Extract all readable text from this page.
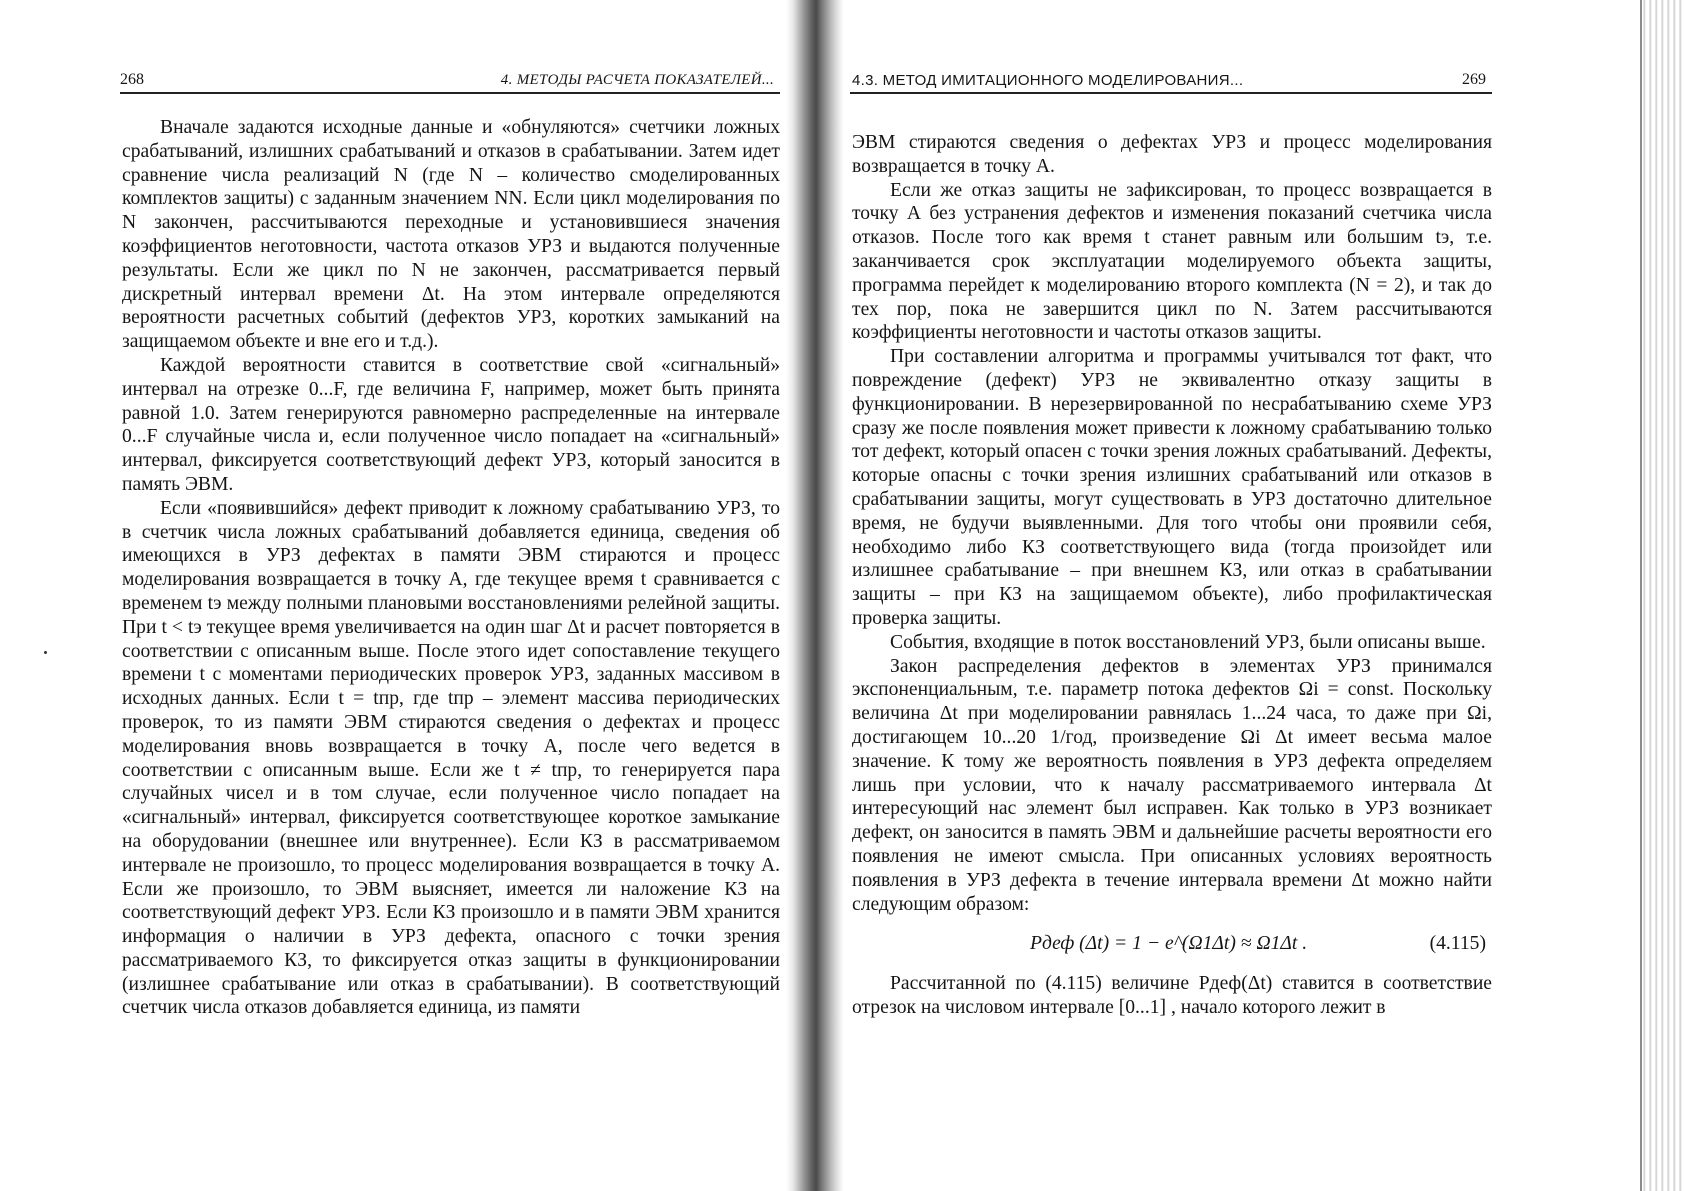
268	4. МЕТОДЫ РАСЧЕТА ПОКАЗАТЕЛЕЙ...

Вначале задаются исходные данные и «обнуляются» счетчики ложных срабатываний, излишних срабатываний и отказов в срабатывании. Затем идет сравнение числа реализаций N (где N – количество смоделированных комплектов защиты) с заданным значением NN. Если цикл моделирования по N закончен, рассчитываются переходные и установившиеся значения коэффициентов неготовности, частота отказов УРЗ и выдаются полученные результаты. Если же цикл по N не закончен, рассматривается первый дискретный интервал времени Δt. На этом интервале определяются вероятности расчетных событий (дефектов УРЗ, коротких замыканий на защищаемом объекте и вне его и т.д.).

Каждой вероятности ставится в соответствие свой «сигнальный» интервал на отрезке 0...F, где величина F, например, может быть принята равной 1.0. Затем генерируются равномерно распределенные на интервале 0...F случайные числа и, если полученное число попадает на «сигнальный» интервал, фиксируется соответствующий дефект УРЗ, который заносится в память ЭВМ.

Если «появившийся» дефект приводит к ложному срабатыванию УРЗ, то в счетчик числа ложных срабатываний добавляется единица, сведения об имеющихся в УРЗ дефектах в памяти ЭВМ стираются и процесс моделирования возвращается в точку А, где текущее время t сравнивается с временем tэ между полными плановыми восстановлениями релейной защиты. При t < tэ текущее время увеличивается на один шаг Δt и расчет повторяется в соответствии с описанным выше. После этого идет сопоставление текущего времени t с моментами периодических проверок УРЗ, заданных массивом в исходных данных. Если t = tпр, где tпр – элемент массива периодических проверок, то из памяти ЭВМ стираются сведения о дефектах и процесс моделирования вновь возвращается в точку А, после чего ведется в соответствии с описанным выше. Если же t ≠ tпр, то генерируется пара случайных чисел и в том случае, если полученное число попадает на «сигнальный» интервал, фиксируется соответствующее короткое замыкание на оборудовании (внешнее или внутреннее). Если КЗ в рассматриваемом интервале не произошло, то процесс моделирования возвращается в точку А. Если же произошло, то ЭВМ выясняет, имеется ли наложение КЗ на соответствующий дефект УРЗ. Если КЗ произошло и в памяти ЭВМ хранится информация о наличии в УРЗ дефекта, опасного с точки зрения рассматриваемого КЗ, то фиксируется отказ защиты в функционировании (излишнее срабатывание или отказ в срабатывании). В соответствующий счетчик числа отказов добавляется единица, из памяти

4.3. МЕТОД ИМИТАЦИОННОГО МОДЕЛИРОВАНИЯ...	269

ЭВМ стираются сведения о дефектах УРЗ и процесс моделирования возвращается в точку А.

Если же отказ защиты не зафиксирован, то процесс возвращается в точку А без устранения дефектов и изменения показаний счетчика числа отказов. После того как время t станет равным или большим tэ, т.е. заканчивается срок эксплуатации моделируемого объекта защиты, программа перейдет к моделированию второго комплекта (N = 2), и так до тех пор, пока не завершится цикл по N. Затем рассчитываются коэффициенты неготовности и частоты отказов защиты.

При составлении алгоритма и программы учитывался тот факт, что повреждение (дефект) УРЗ не эквивалентно отказу защиты в функционировании. В нерезервированной по несрабатыванию схеме УРЗ сразу же после появления может привести к ложному срабатыванию только тот дефект, который опасен с точки зрения ложных срабатываний. Дефекты, которые опасны с точки зрения излишних срабатываний или отказов в срабатывании защиты, могут существовать в УРЗ достаточно длительное время, не будучи выявленными. Для того чтобы они проявили себя, необходимо либо КЗ соответствующего вида (тогда произойдет или излишнее срабатывание – при внешнем КЗ, или отказ в срабатывании защиты – при КЗ на защищаемом объекте), либо профилактическая проверка защиты.

События, входящие в поток восстановлений УРЗ, были описаны выше.

Закон распределения дефектов в элементах УРЗ принимался экспоненциальным, т.е. параметр потока дефектов Ωi = const. Поскольку величина Δt при моделировании равнялась 1...24 часа, то даже при Ωi, достигающем 10...20 1/год, произведение Ωi Δt имеет весьма малое значение. К тому же вероятность появления в УРЗ дефекта определяем лишь при условии, что к началу рассматриваемого интервала Δt интересующий нас элемент был исправен. Как только в УРЗ возникает дефект, он заносится в память ЭВМ и дальнейшие расчеты вероятности его появления не имеют смысла. При описанных условиях вероятность появления в УРЗ дефекта в течение интервала времени Δt можно найти следующим образом:

Pдеф (Δt) = 1 − e^(Ω1Δt) ≈ Ω1Δt .	(4.115)

Рассчитанной по (4.115) величине Pдеф(Δt) ставится в соответствие отрезок на числовом интервале [0...1] , начало которого лежит в
